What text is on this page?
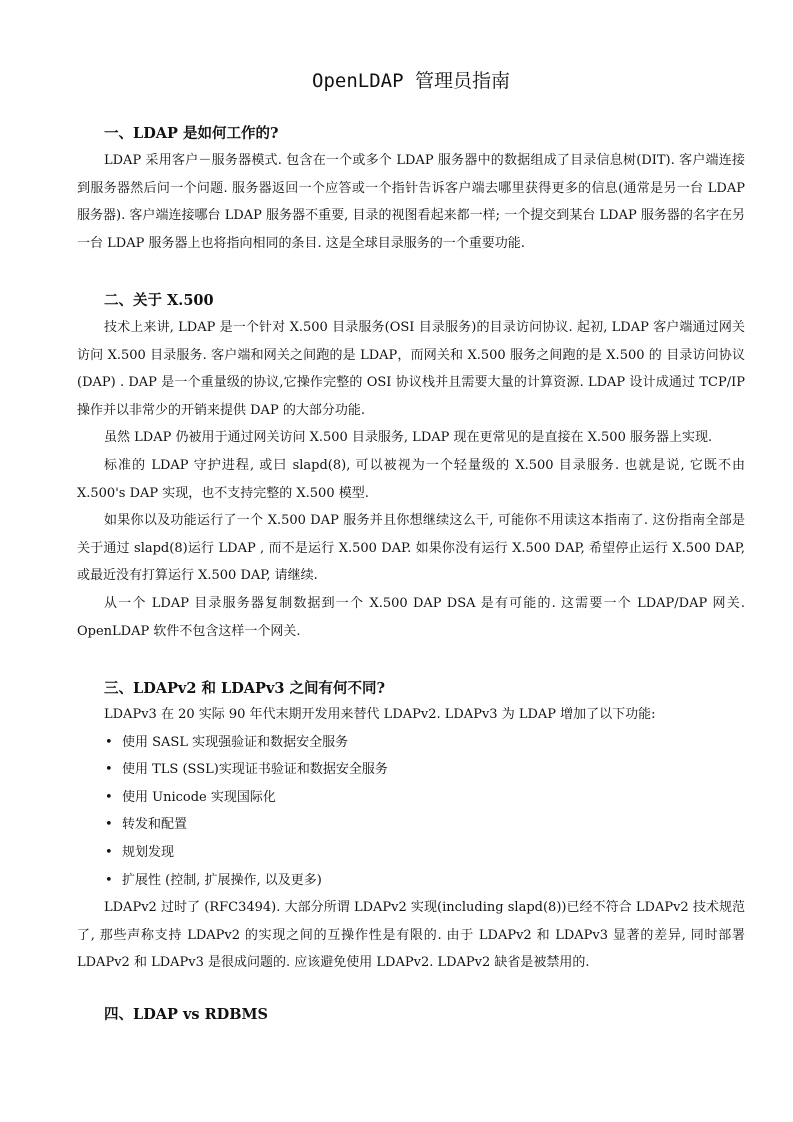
OpenLDAP 管理员指南
一、LDAP 是如何工作的?

LDAP 采用客户－服务器模式. 包含在一个或多个 LDAP 服务器中的数据组成了目录信息树(DIT). 客户端连接到服务器然后问一个问题. 服务器返回一个应答或一个指针告诉客户端去哪里获得更多的信息(通常是另一台 LDAP 服务器). 客户端连接哪台 LDAP 服务器不重要, 目录的视图看起来都一样; 一个提交到某台 LDAP 服务器的名字在另一台 LDAP 服务器上也将指向相同的条目. 这是全球目录服务的一个重要功能.

二、关于 X.500

技术上来讲, LDAP 是一个针对 X.500 目录服务(OSI 目录服务)的目录访问协议. 起初, LDAP 客户端通过网关访问 X.500 目录服务. 客户端和网关之间跑的是 LDAP，而网关和 X.500 服务之间跑的是 X.500 的 目录访问协议 (DAP) . DAP 是一个重量级的协议,它操作完整的 OSI 协议栈并且需要大量的计算资源. LDAP 设计成通过 TCP/IP 操作并以非常少的开销来提供 DAP 的大部分功能.

虽然 LDAP 仍被用于通过网关访问 X.500 目录服务, LDAP 现在更常见的是直接在 X.500 服务器上实现.

标准的 LDAP 守护进程, 或曰 slapd(8), 可以被视为一个轻量级的 X.500 目录服务. 也就是说, 它既不由 X.500's DAP 实现，也不支持完整的 X.500 模型.

如果你以及功能运行了一个 X.500 DAP 服务并且你想继续这么干, 可能你不用读这本指南了. 这份指南全部是关于通过 slapd(8)运行 LDAP , 而不是运行 X.500 DAP. 如果你没有运行 X.500 DAP, 希望停止运行 X.500 DAP, 或最近没有打算运行 X.500 DAP, 请继续.

从一个 LDAP 目录服务器复制数据到一个 X.500 DAP DSA 是有可能的. 这需要一个 LDAP/DAP 网关. OpenLDAP 软件不包含这样一个网关.

三、LDAPv2 和 LDAPv3 之间有何不同?

LDAPv3 在 20 实际 90 年代末期开发用来替代 LDAPv2. LDAPv3 为 LDAP 增加了以下功能:

• 使用 SASL 实现强验证和数据安全服务
• 使用 TLS (SSL)实现证书验证和数据安全服务
• 使用 Unicode 实现国际化
• 转发和配置
• 规划发现
• 扩展性 (控制, 扩展操作, 以及更多)

LDAPv2 过时了 (RFC3494). 大部分所谓 LDAPv2 实现(including slapd(8))已经不符合 LDAPv2 技术规范了, 那些声称支持 LDAPv2 的实现之间的互操作性是有限的. 由于 LDAPv2 和 LDAPv3 显著的差异, 同时部署 LDAPv2 和 LDAPv3 是很成问题的. 应该避免使用 LDAPv2. LDAPv2 缺省是被禁用的.

四、LDAP vs RDBMS
